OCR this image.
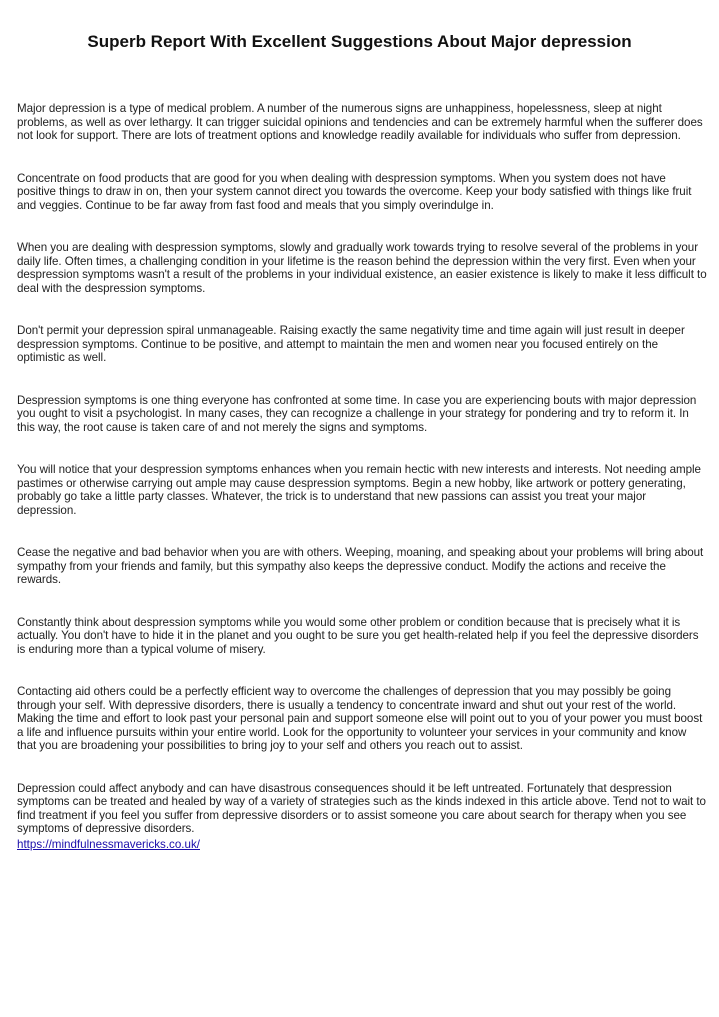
Superb Report With Excellent Suggestions About Major depression

Major depression is a type of medical problem. A number of the numerous signs are unhappiness, hopelessness, sleep at night problems, as well as over lethargy. It can trigger suicidal opinions and tendencies and can be extremely harmful when the sufferer does not look for support. There are lots of treatment options and knowledge readily available for individuals who suffer from depression.

Concentrate on food products that are good for you when dealing with despression symptoms. When you system does not have positive things to draw in on, then your system cannot direct you towards the overcome. Keep your body satisfied with things like fruit and veggies. Continue to be far away from fast food and meals that you simply overindulge in.

When you are dealing with despression symptoms, slowly and gradually work towards trying to resolve several of the problems in your daily life. Often times, a challenging condition in your lifetime is the reason behind the depression within the very first. Even when your despression symptoms wasn't a result of the problems in your individual existence, an easier existence is likely to make it less difficult to deal with the despression symptoms.

Don't permit your depression spiral unmanageable. Raising exactly the same negativity time and time again will just result in deeper despression symptoms. Continue to be positive, and attempt to maintain the men and women near you focused entirely on the optimistic as well.

Despression symptoms is one thing everyone has confronted at some time. In case you are experiencing bouts with major depression you ought to visit a psychologist. In many cases, they can recognize a challenge in your strategy for pondering and try to reform it. In this way, the root cause is taken care of and not merely the signs and symptoms.

You will notice that your despression symptoms enhances when you remain hectic with new interests and interests. Not needing ample pastimes or otherwise carrying out ample may cause despression symptoms. Begin a new hobby, like artwork or pottery generating, probably go take a little party classes. Whatever, the trick is to understand that new passions can assist you treat your major depression.

Cease the negative and bad behavior when you are with others. Weeping, moaning, and speaking about your problems will bring about sympathy from your friends and family, but this sympathy also keeps the depressive conduct. Modify the actions and receive the rewards.

Constantly think about despression symptoms while you would some other problem or condition because that is precisely what it is actually. You don't have to hide it in the planet and you ought to be sure you get health-related help if you feel the depressive disorders is enduring more than a typical volume of misery.

Contacting aid others could be a perfectly efficient way to overcome the challenges of depression that you may possibly be going through your self. With depressive disorders, there is usually a tendency to concentrate inward and shut out your rest of the world. Making the time and effort to look past your personal pain and support someone else will point out to you of your power you must boost a life and influence pursuits within your entire world. Look for the opportunity to volunteer your services in your community and know that you are broadening your possibilities to bring joy to your self and others you reach out to assist.

Depression could affect anybody and can have disastrous consequences should it be left untreated. Fortunately that despression symptoms can be treated and healed by way of a variety of strategies such as the kinds indexed in this article above. Tend not to wait to find treatment if you feel you suffer from depressive disorders or to assist someone you care about search for therapy when you see symptoms of depressive disorders.

https://mindfulnessmavericks.co.uk/
